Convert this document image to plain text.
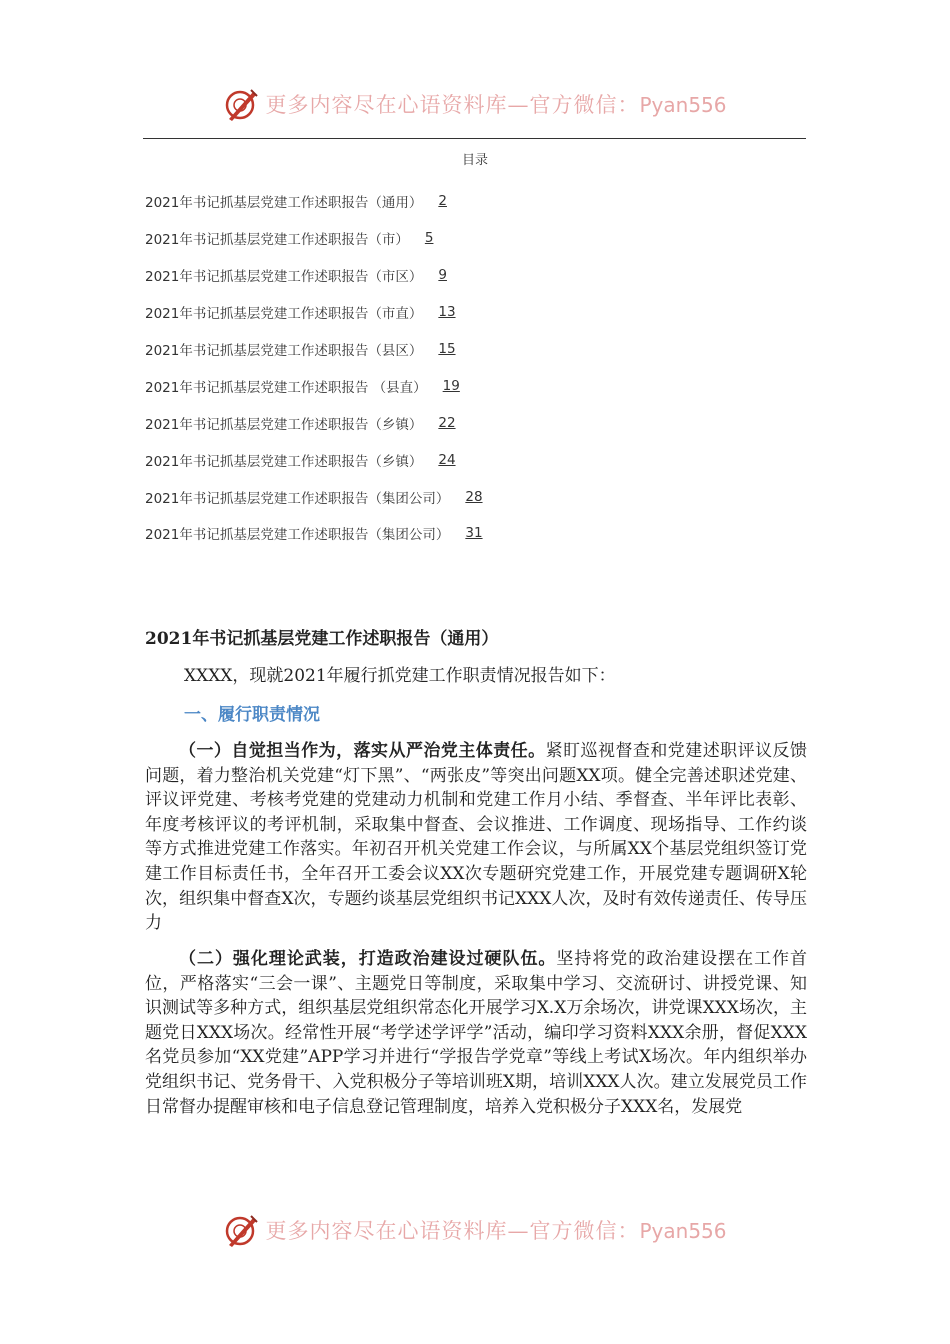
更多内容尽在心语资料库—官方微信：Pyan556
目录
2021年书记抓基层党建工作述职报告（通用） 2
2021年书记抓基层党建工作述职报告（市） 5
2021年书记抓基层党建工作述职报告（市区） 9
2021年书记抓基层党建工作述职报告（市直） 13
2021年书记抓基层党建工作述职报告（县区） 15
2021年书记抓基层党建工作述职报告 （县直） 19
2021年书记抓基层党建工作述职报告（乡镇） 22
2021年书记抓基层党建工作述职报告（乡镇） 24
2021年书记抓基层党建工作述职报告（集团公司） 28
2021年书记抓基层党建工作述职报告（集团公司） 31
2021年书记抓基层党建工作述职报告（通用）
XXXX，现就2021年履行抓党建工作职责情况报告如下：
一、履行职责情况

（一）自觉担当作为，落实从严治党主体责任。紧盯巡视督查和党建述职评议反馈问题，着力整治机关党建“灯下黑”、“两张皮”等突出问题XX项。健全完善述职述党建、评议评党建、考核考党建的党建动力机制和党建工作月小结、季督查、半年评比表彰、年度考核评议的考评机制，采取集中督查、会议推进、工作调度、现场指导、工作约谈等方式推进党建工作落实。年初召开机关党建工作会议，与所属XX个基层党组织签订党建工作目标责任书，全年召开工委会议XX次专题研究党建工作，开展党建专题调研X轮次，组织集中督查X次，专题约谈基层党组织书记XXX人次，及时有效传递责任、传导压力

（二）强化理论武装，打造政治建设过硬队伍。坚持将党的政治建设摆在工作首位，严格落实“三会一课”、主题党日等制度，采取集中学习、交流研讨、讲授党课、知识测试等多种方式，组织基层党组织常态化开展学习X.X万余场次，讲党课XXX场次，主题党日XXX场次。经常性开展“考学述学评学”活动，编印学习资料XXX余册，督促XXX名党员参加“XX党建”APP学习并进行“学报告学党章”等线上考试X场次。年内组织举办党组织书记、党务骨干、入党积极分子等培训班X期，培训XXX人次。建立发展党员工作日常督办提醒审核和电子信息登记管理制度，培养入党积极分子XXX名，发展党

更多内容尽在心语资料库—官方微信：Pyan556
